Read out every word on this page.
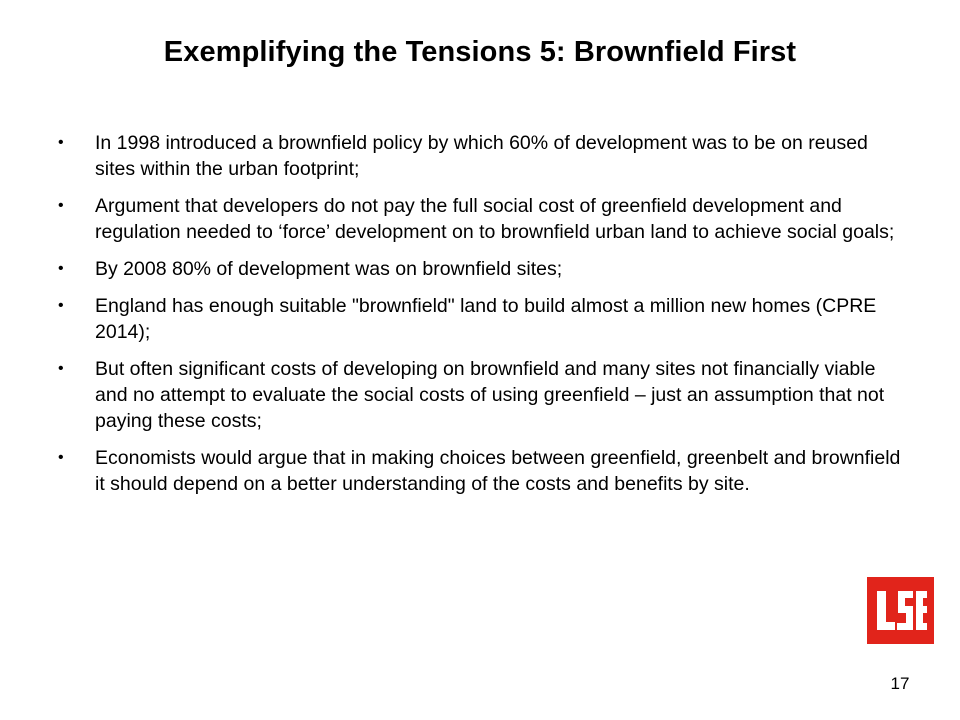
Exemplifying the Tensions 5: Brownfield First
•	In 1998 introduced a brownfield policy by which 60% of development was to be on reused sites within the urban footprint;
•	Argument that developers do not pay the full social cost of greenfield development and regulation needed to ‘force’ development on to brownfield urban land to achieve social goals;
•	By 2008 80% of development was on brownfield sites;
•	England has enough suitable "brownfield" land to build almost a million new homes (CPRE 2014);
•	But often significant costs of developing on brownfield and many sites not financially viable and no attempt to evaluate the social costs of using greenfield – just an assumption that not paying these costs;
•	Economists would argue that in making choices between greenfield, greenbelt and brownfield it should depend on a better understanding of the costs and benefits by site.
17
